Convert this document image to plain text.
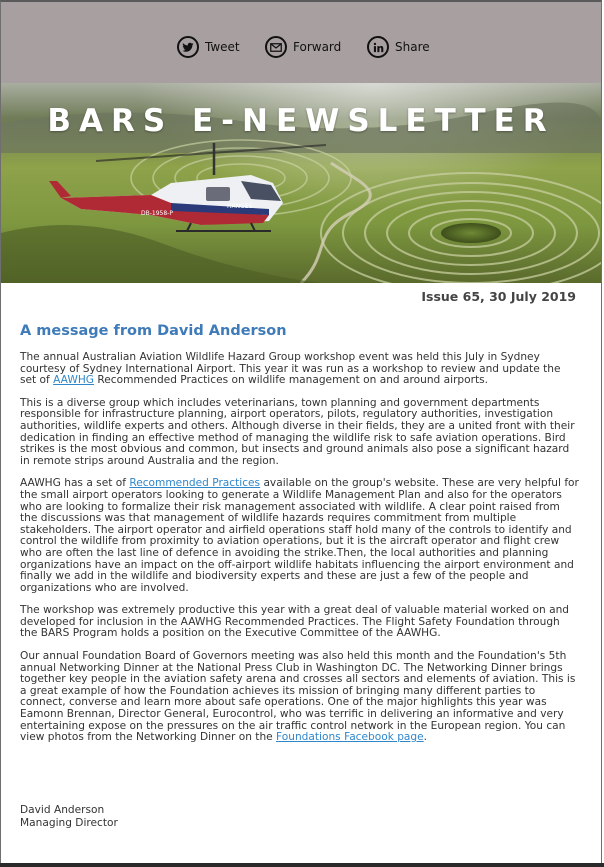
Tweet	Forward	Share
DB-1958-P
HANGES
BARS E-NEWSLETTER
Issue 65, 30 July 2019
A message from David Anderson

The annual Australian Aviation Wildlife Hazard Group workshop event was held this July in Sydney courtesy of Sydney International Airport. This year it was run as a workshop to review and update the set of AAWHG Recommended Practices on wildlife management on and around airports.

This is a diverse group which includes veterinarians, town planning and government departments responsible for infrastructure planning, airport operators, pilots, regulatory authorities, investigation authorities, wildlife experts and others. Although diverse in their fields, they are a united front with their dedication in finding an effective method of managing the wildlife risk to safe aviation operations. Bird strikes is the most obvious and common, but insects and ground animals also pose a significant hazard in remote strips around Australia and the region.

AAWHG has a set of Recommended Practices available on the group's website. These are very helpful for the small airport operators looking to generate a Wildlife Management Plan and also for the operators who are looking to formalize their risk management associated with wildlife. A clear point raised from the discussions was that management of wildlife hazards requires commitment from multiple stakeholders. The airport operator and airfield operations staff hold many of the controls to identify and control the wildlife from proximity to aviation operations, but it is the aircraft operator and flight crew who are often the last line of defence in avoiding the strike.Then, the local authorities and planning organizations have an impact on the off-airport wildlife habitats influencing the airport environment and finally we add in the wildlife and biodiversity experts and these are just a few of the people and organizations who are involved.

The workshop was extremely productive this year with a great deal of valuable material worked on and developed for inclusion in the AAWHG Recommended Practices. The Flight Safety Foundation through the BARS Program holds a position on the Executive Committee of the AAWHG.

Our annual Foundation Board of Governors meeting was also held this month and the Foundation's 5th annual Networking Dinner at the National Press Club in Washington DC. The Networking Dinner brings together key people in the aviation safety arena and crosses all sectors and elements of aviation. This is a great example of how the Foundation achieves its mission of bringing many different parties to connect, converse and learn more about safe operations. One of the major highlights this year was Eamonn Brennan, Director General, Eurocontrol, who was terrific in delivering an informative and very entertaining expose on the pressures on the air traffic control network in the European region. You can view photos from the Networking Dinner on the Foundations Facebook page.

David Anderson
Managing Director
